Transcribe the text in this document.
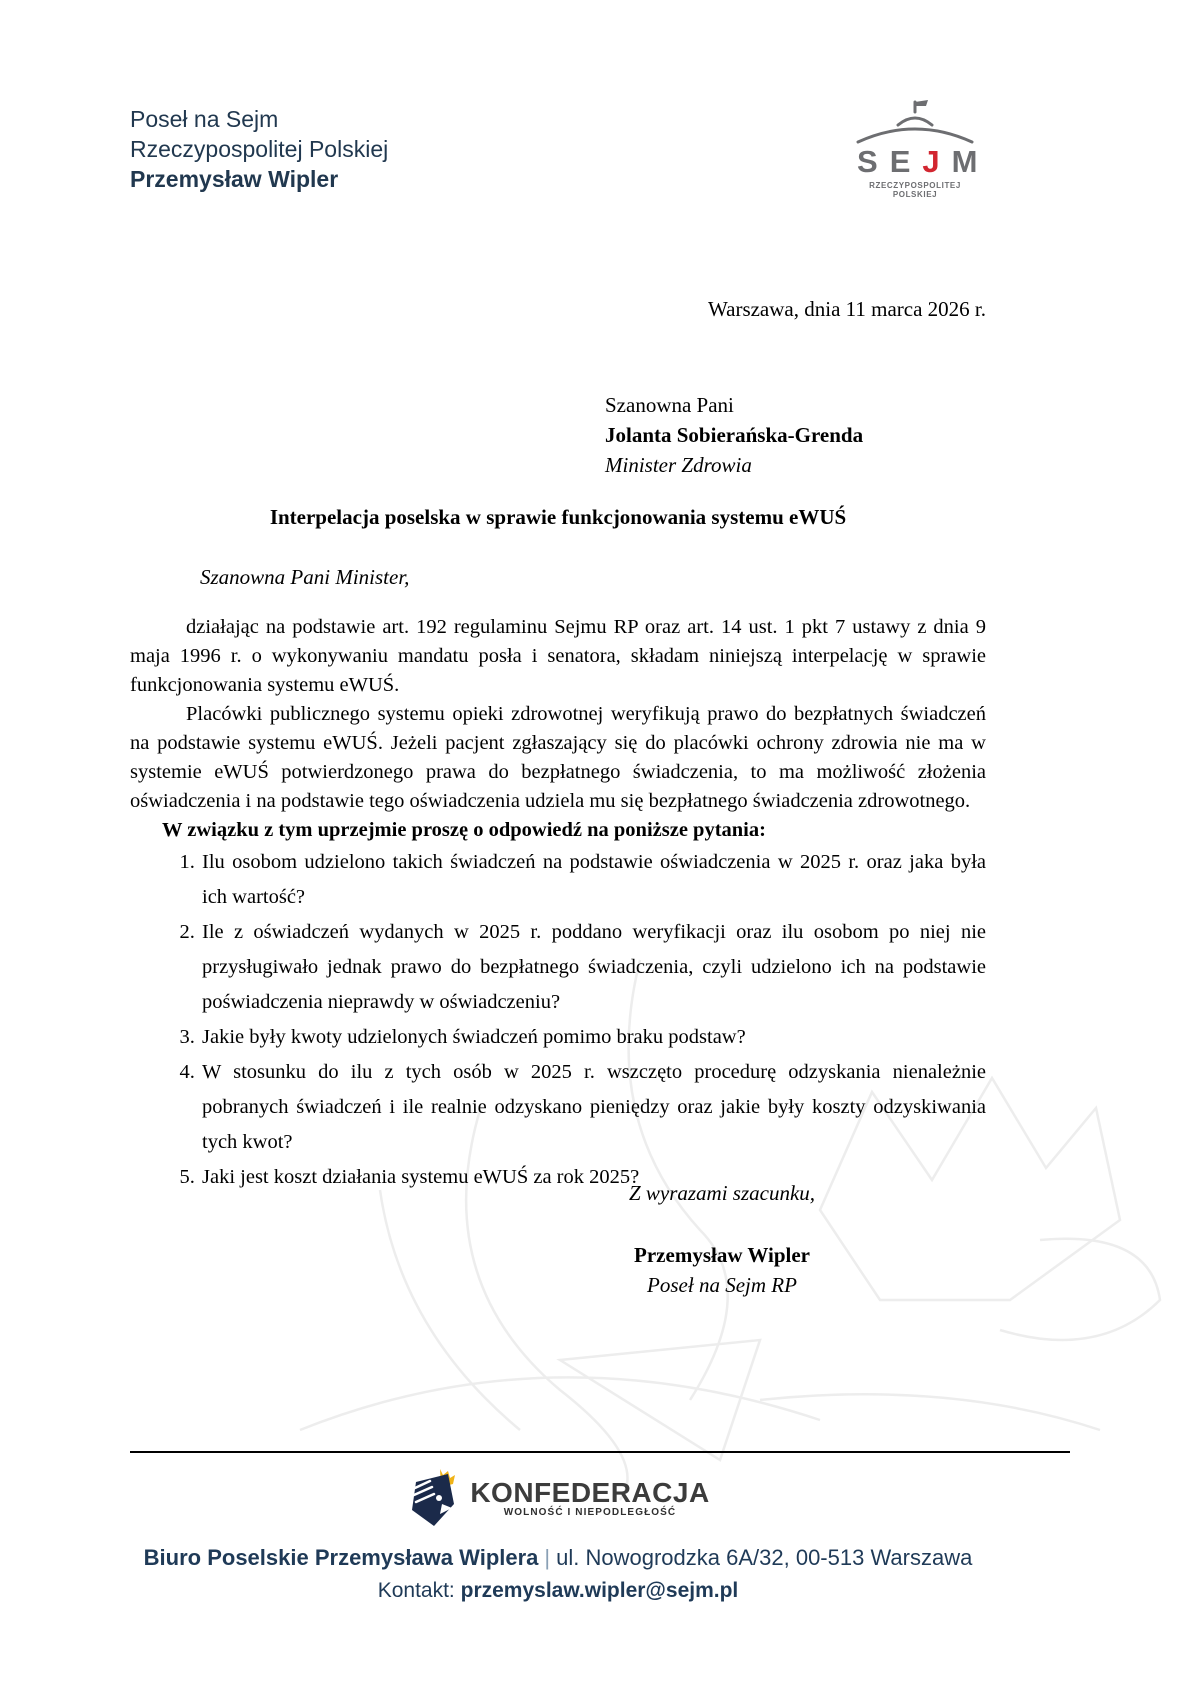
Poseł na Sejm
Rzeczypospolitej Polskiej
Przemysław Wipler	S E J M
RZECZYPOSPOLITEJ POLSKIEJ
Warszawa, dnia 11 marca 2026 r.
Szanowna Pani
Jolanta Sobierańska-Grenda
Minister Zdrowia
Interpelacja poselska w sprawie funkcjonowania systemu eWUŚ
Szanowna Pani Minister,

działając na podstawie art. 192 regulaminu Sejmu RP oraz art. 14 ust. 1 pkt 7 ustawy z dnia 9 maja 1996 r. o wykonywaniu mandatu posła i senatora, składam niniejszą interpelację w sprawie funkcjonowania systemu eWUŚ.

Placówki publicznego systemu opieki zdrowotnej weryfikują prawo do bezpłatnych świadczeń na podstawie systemu eWUŚ. Jeżeli pacjent zgłaszający się do placówki ochrony zdrowia nie ma w systemie eWUŚ potwierdzonego prawa do bezpłatnego świadczenia, to ma możliwość złożenia oświadczenia i na podstawie tego oświadczenia udziela mu się bezpłatnego świadczenia zdrowotnego.

W związku z tym uprzejmie proszę o odpowiedź na poniższe pytania:

1. Ilu osobom udzielono takich świadczeń na podstawie oświadczenia w 2025 r. oraz jaka była ich wartość?
2. Ile z oświadczeń wydanych w 2025 r. poddano weryfikacji oraz ilu osobom po niej nie przysługiwało jednak prawo do bezpłatnego świadczenia, czyli udzielono ich na podstawie poświadczenia nieprawdy w oświadczeniu?
3. Jakie były kwoty udzielonych świadczeń pomimo braku podstaw?
4. W stosunku do ilu z tych osób w 2025 r. wszczęto procedurę odzyskania nienależnie pobranych świadczeń i ile realnie odzyskano pieniędzy oraz jakie były koszty odzyskiwania tych kwot?
5. Jaki jest koszt działania systemu eWUŚ za rok 2025?
Z wyrazami szacunku,
Przemysław Wipler
Poseł na Sejm RP
KONFEDERACJA
WOLNOŚĆ I NIEPODLEGŁOŚĆ
Biuro Poselskie Przemysława Wiplera | ul. Nowogrodzka 6A/32, 00-513 Warszawa
Kontakt: przemyslaw.wipler@sejm.pl
